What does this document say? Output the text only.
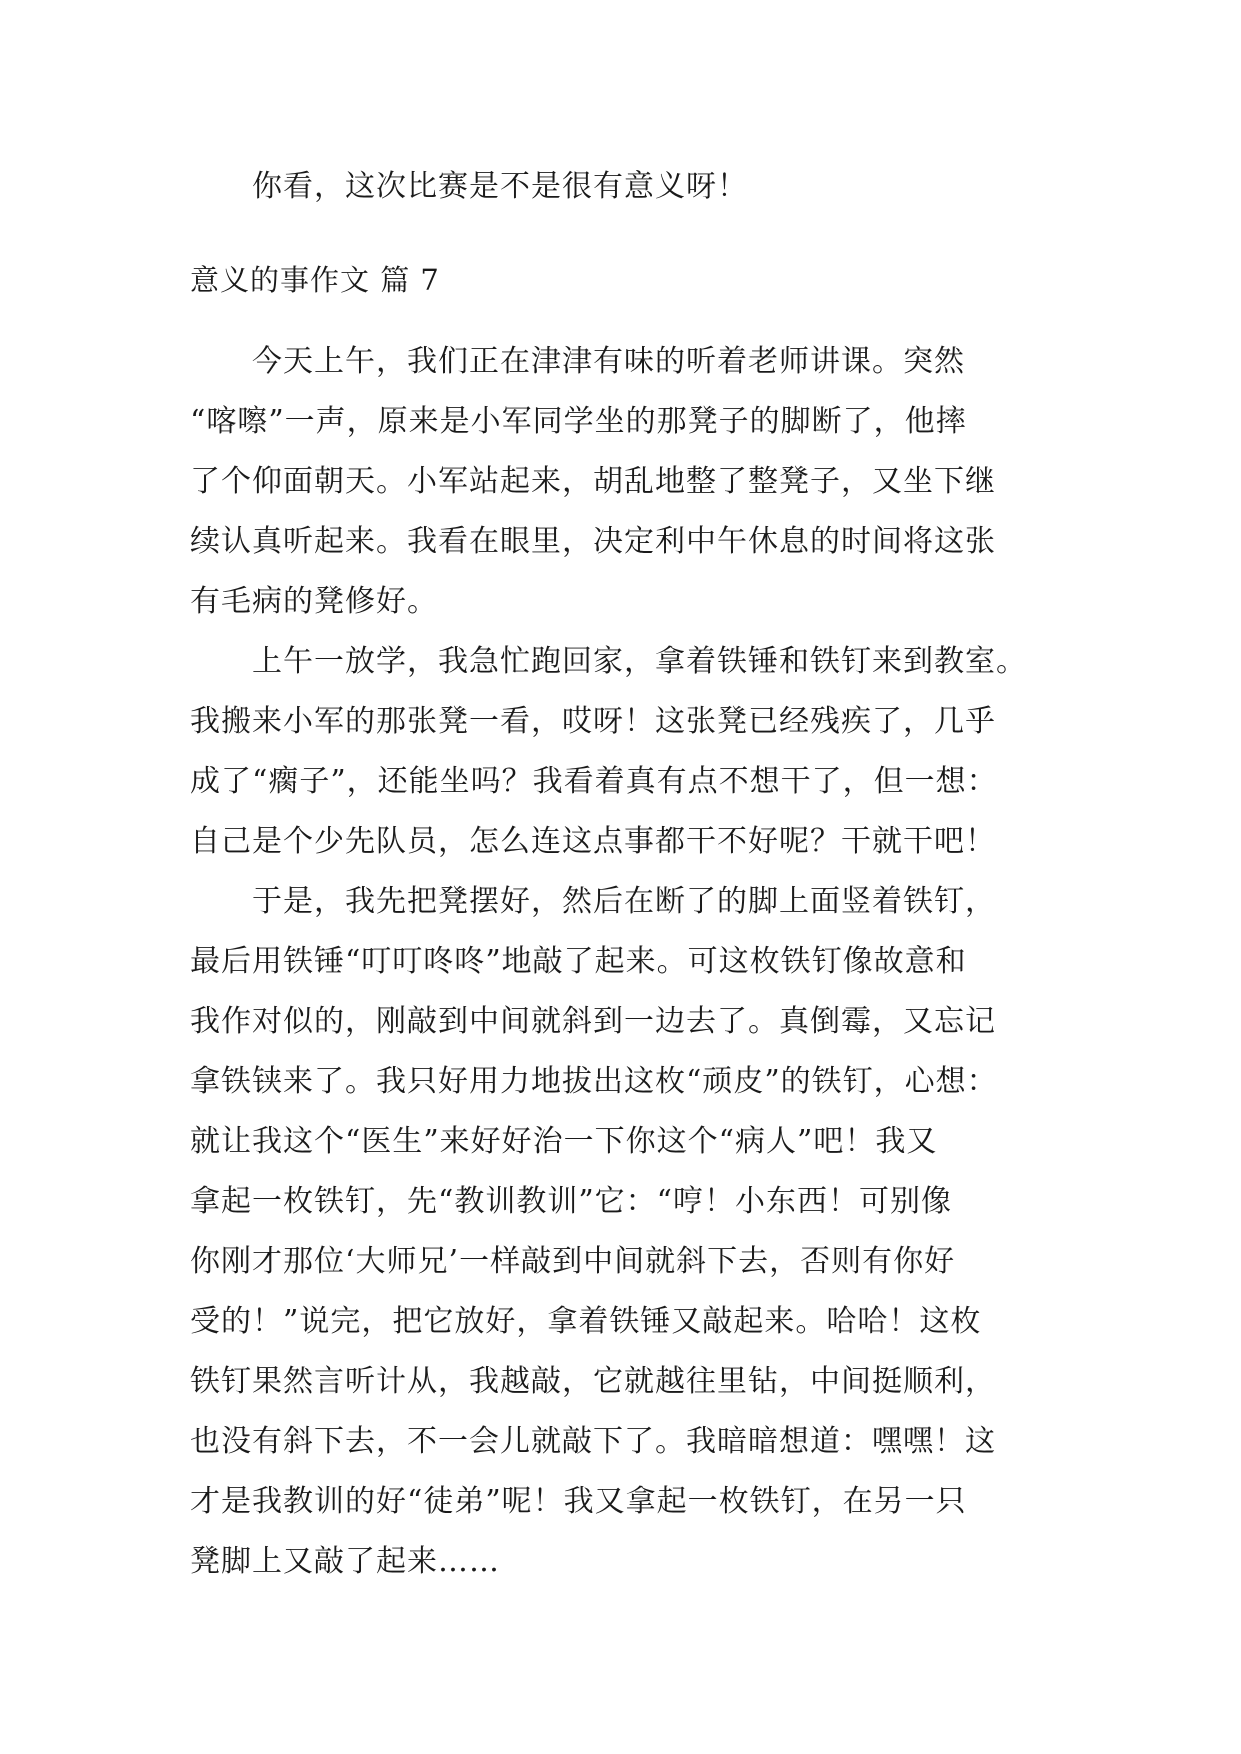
　　你看，这次比赛是不是很有意义呀！
意义的事作文 篇 7
　　今天上午，我们正在津津有味的听着老师讲课。突然
“喀嚓”一声，原来是小军同学坐的那凳子的脚断了，他摔
了个仰面朝天。小军站起来，胡乱地整了整凳子，又坐下继
续认真听起来。我看在眼里，决定利中午休息的时间将这张
有毛病的凳修好。
　　上午一放学，我急忙跑回家，拿着铁锤和铁钉来到教室。
我搬来小军的那张凳一看，哎呀！这张凳已经残疾了，几乎
成了“瘸子”，还能坐吗？我看着真有点不想干了，但一想：
自己是个少先队员，怎么连这点事都干不好呢？干就干吧！
　　于是，我先把凳摆好，然后在断了的脚上面竖着铁钉，
最后用铁锤“叮叮咚咚”地敲了起来。可这枚铁钉像故意和
我作对似的，刚敲到中间就斜到一边去了。真倒霉，又忘记
拿铁铗来了。我只好用力地拔出这枚“顽皮”的铁钉，心想：
就让我这个“医生”来好好治一下你这个“病人”吧！我又
拿起一枚铁钉，先“教训教训”它：“哼！小东西！可别像
你刚才那位‘大师兄’一样敲到中间就斜下去，否则有你好
受的！”说完，把它放好，拿着铁锤又敲起来。哈哈！这枚
铁钉果然言听计从，我越敲，它就越往里钻，中间挺顺利，
也没有斜下去，不一会儿就敲下了。我暗暗想道：嘿嘿！这
才是我教训的好“徒弟”呢！我又拿起一枚铁钉，在另一只
凳脚上又敲了起来……
